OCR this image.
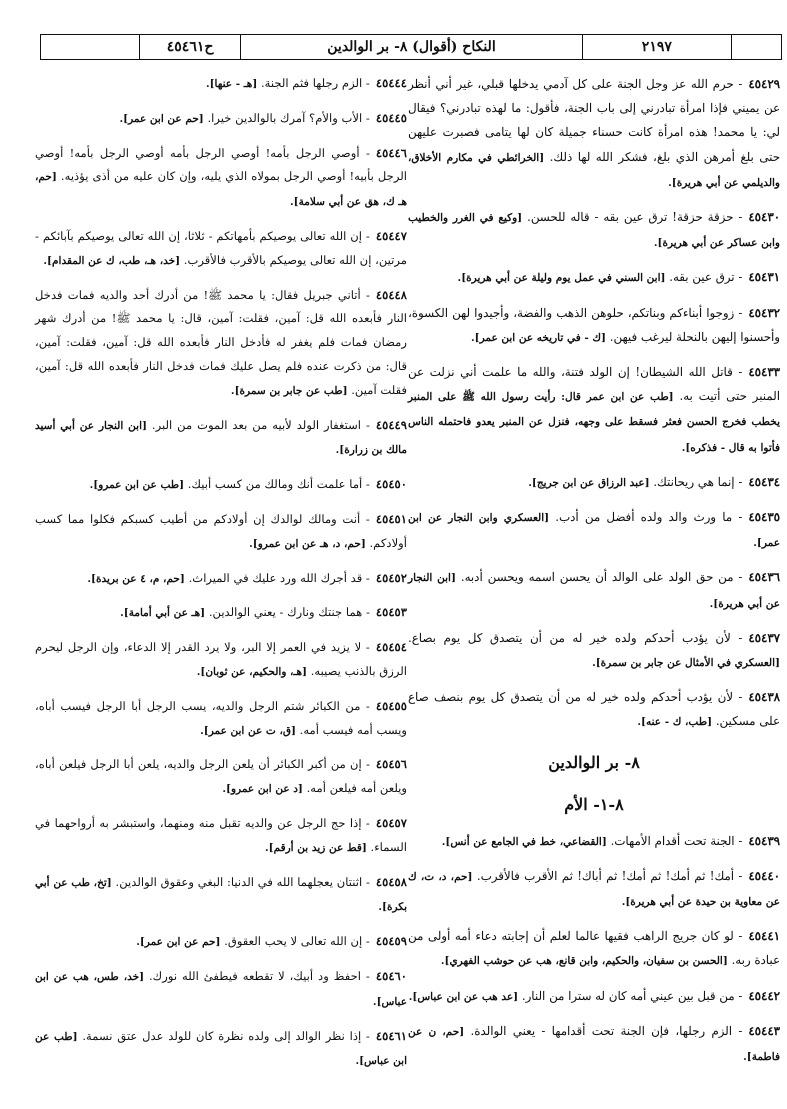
٢١٩٧
النكاح (أقوال) ٨- بر الوالدين
ح٤٥٤٦١

٤٥٤٢٩- حرم الله عز وجل الجنة على كل آدمي يدخلها قبلي، غير أني أنظر عن يميني فإذا امرأة تبادرني إلى باب الجنة، فأقول: ما لهذه تبادرني؟ فيقال لي: يا محمد! هذه امرأة كانت حسناء جميلة كان لها يتامى فصبرت عليهن حتى بلغ أمرهن الذي بلغ، فشكر الله لها ذلك. [الخرائطي في مكارم الأخلاق، والديلمي عن أبي هريرة].

٤٥٤٣٠- حزقة حزقة! ترق عين بقه - قاله للحسن. [وكيع في الغرر والخطيب وابن عساكر عن أبي هريرة].

٤٥٤٣١- ترق عين بقه. [ابن السني في عمل يوم وليلة عن أبي هريرة].

٤٥٤٣٢- زوجوا أبناءكم وبناتكم، حلوهن الذهب والفضة، وأجيدوا لهن الكسوة، وأحسنوا إليهن بالنحلة ليرغب فيهن. [ك - في تاريخه عن ابن عمر].

٤٥٤٣٣- قاتل الله الشيطان! إن الولد فتنة، والله ما علمت أني نزلت عن المنبر حتى أتيت به. [طب عن ابن عمر قال: رأيت رسول الله ﷺ على المنبر يخطب فخرج الحسن فعثر فسقط على وجهه، فنزل عن المنبر يعدو فاحتمله الناس فأتوا به قال - فذكره].

٤٥٤٣٤- إنما هي ريحانتك. [عبد الرزاق عن ابن جريج].

٤٥٤٣٥- ما ورث والد ولده أفضل من أدب. [العسكري وابن النجار عن ابن عمر].

٤٥٤٣٦- من حق الولد على الوالد أن يحسن اسمه ويحسن أدبه. [ابن النجار عن أبي هريرة].

٤٥٤٣٧- لأن يؤدب أحدكم ولده خير له من أن يتصدق كل يوم بصاع. [العسكري في الأمثال عن جابر بن سمرة].

٤٥٤٣٨- لأن يؤدب أحدكم ولده خير له من أن يتصدق كل يوم بنصف صاع على مسكين. [طب، ك - عنه].

٨- بر الوالدين
٨-١- الأم

٤٥٤٣٩- الجنة تحت أقدام الأمهات. [القضاعي، خط في الجامع عن أنس].

٤٥٤٤٠- أمك! ثم أمك! ثم أمك! ثم أباك! ثم الأقرب فالأقرب. [حم، د، ت، ك عن معاوية بن حيدة عن أبي هريرة].

٤٥٤٤١- لو كان جريج الراهب فقيها عالما لعلم أن إجابته دعاء أمه أولى من عبادة ربه. [الحسن بن سفيان، والحكيم، وابن قانع، هب عن حوشب الفهري].

٤٥٤٤٢- من قبل بين عيني أمه كان له سترا من النار. [عد هب عن ابن عباس].

٤٥٤٤٣- الزم رجلها، فإن الجنة تحت أقدامها - يعني الوالدة. [حم، ن عن فاطمة].

٤٥٤٤٤- الزم رجلها فثم الجنة. [هـ - عنها].

٤٥٤٤٥- الأب والأم؟ آمرك بالوالدين خيرا. [حم عن ابن عمر].

٤٥٤٤٦- أوصي الرجل بأمه! أوصي الرجل بأمه أوصي الرجل بأمه! أوصي الرجل بأبيه! أوصي الرجل بمولاه الذي يليه، وإن كان عليه من أذى يؤذيه. [حم، هـ ك، هق عن أبي سلامة].

٤٥٤٤٧- إن الله تعالى يوصيكم بأمهاتكم - ثلاثا، إن الله تعالى يوصيكم بآبائكم - مرتين، إن الله تعالى يوصيكم بالأقرب فالأقرب. [خد، هـ، طب، ك عن المقدام].

٤٥٤٤٨- أتاني جبريل فقال: يا محمد ﷺ! من أدرك أحد والديه فمات فدخل النار فأبعده الله قل: آمين، فقلت: آمين، قال: يا محمد ﷺ! من أدرك شهر رمضان فمات فلم يغفر له فأدخل النار فأبعده الله قل: آمين، فقلت: آمين، قال: من ذكرت عنده فلم يصل عليك فمات فدخل النار فأبعده الله قل: آمين، فقلت آمين. [طب عن جابر بن سمرة].

٤٥٤٤٩- استغفار الولد لأبيه من بعد الموت من البر. [ابن النجار عن أبي أسيد مالك بن زرارة].

٤٥٤٥٠- أما علمت أنك ومالك من كسب أبيك. [طب عن ابن عمرو].

٤٥٤٥١- أنت ومالك لوالدك إن أولادكم من أطيب كسبكم فكلوا مما كسب أولادكم. [حم، د، هـ عن ابن عمرو].

٤٥٤٥٢- قد أجرك الله ورد عليك في الميراث. [حم، م، ٤ عن بريدة].

٤٥٤٥٣- هما جنتك ونارك - يعني الوالدين. [هـ عن أبي أمامة].

٤٥٤٥٤- لا يزيد في العمر إلا البر، ولا يرد القدر إلا الدعاء، وإن الرجل ليحرم الرزق بالذنب يصيبه. [هـ، والحكيم، عن ثوبان].

٤٥٤٥٥- من الكبائر شتم الرجل والديه، يسب الرجل أبا الرجل فيسب أباه، ويسب أمه فيسب أمه. [ق، ت عن ابن عمر].

٤٥٤٥٦- إن من أكبر الكبائر أن يلعن الرجل والديه، يلعن أبا الرجل فيلعن أباه، ويلعن أمه فيلعن أمه. [د عن ابن عمرو].

٤٥٤٥٧- إذا حج الرجل عن والديه تقبل منه ومنهما، واستبشر به أرواحهما في السماء. [قط عن زيد بن أرقم].

٤٥٤٥٨- اثنتان يعجلهما الله في الدنيا: البغي وعقوق الوالدين. [تخ، طب عن أبي بكرة].

٤٥٤٥٩- إن الله تعالى لا يحب العقوق. [حم عن ابن عمر].

٤٥٤٦٠- احفظ ود أبيك، لا تقطعه فيطفئ الله نورك. [خد، طس، هب عن ابن عباس].

٤٥٤٦١- إذا نظر الوالد إلى ولده نظرة كان للولد عدل عتق نسمة. [طب عن ابن عباس].
